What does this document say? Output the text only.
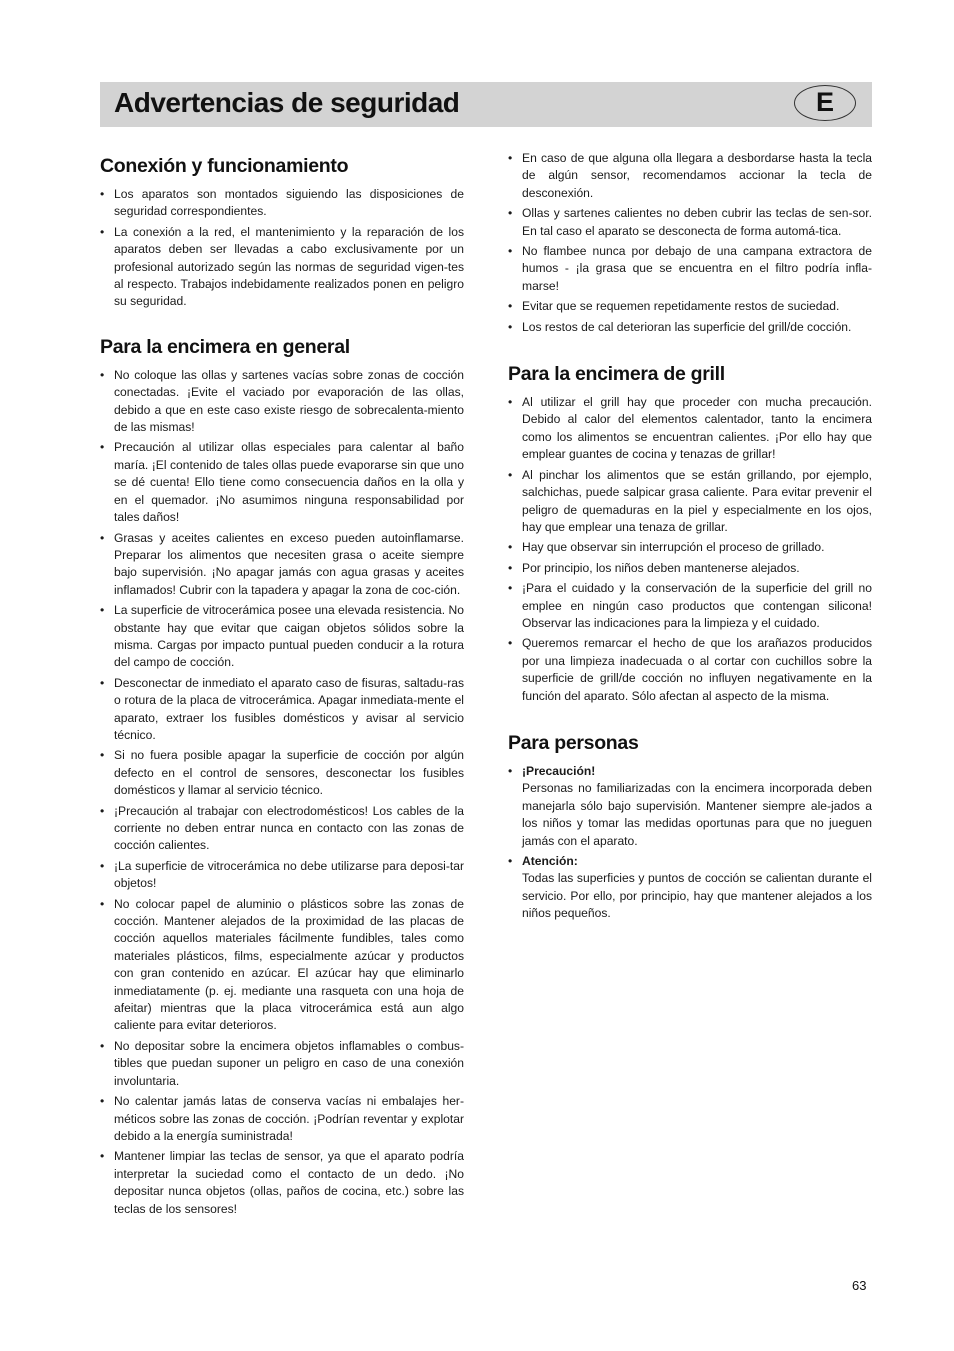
Advertencias de seguridad	E
Conexión y funcionamiento
• Los aparatos son montados siguiendo las disposiciones de seguridad correspondientes.
• La conexión a la red, el mantenimiento y la reparación de los aparatos deben ser llevadas a cabo exclusivamente por un profesional autorizado según las normas de seguridad vigen-tes al respecto. Trabajos indebidamente realizados ponen en peligro su seguridad.
Para la encimera en general
• No coloque las ollas y sartenes vacías sobre zonas de cocción conectadas. ¡Evite el vaciado por evaporación de las ollas, debido a que en este caso existe riesgo de sobrecalenta-miento de las mismas!
• Precaución al utilizar ollas especiales para calentar al baño maría. ¡El contenido de tales ollas puede evaporarse sin que uno se dé cuenta! Ello tiene como consecuencia daños en la olla y en el quemador. ¡No asumimos ninguna responsabilidad por tales daños!
• Grasas y aceites calientes en exceso pueden autoinflamarse. Preparar los alimentos que necesiten grasa o aceite siempre bajo supervisión. ¡No apagar jamás con agua grasas y aceites inflamados! Cubrir con la tapadera y apagar la zona de coc-ción.
• La superficie de vitrocerámica posee una elevada resistencia. No obstante hay que evitar que caigan objetos sólidos sobre la misma. Cargas por impacto puntual pueden conducir a la rotura del campo de cocción.
• Desconectar de inmediato el aparato caso de fisuras, saltadu-ras o rotura de la placa de vitrocerámica. Apagar inmediata-mente el aparato, extraer los fusibles domésticos y avisar al servicio técnico.
• Si no fuera posible apagar la superficie de cocción por algún defecto en el control de sensores, desconectar los fusibles domésticos y llamar al servicio técnico.
• ¡Precaución al trabajar con electrodomésticos! Los cables de la corriente no deben entrar nunca en contacto con las zonas de cocción calientes.
• ¡La superficie de vitrocerámica no debe utilizarse para deposi-tar objetos!
• No colocar papel de aluminio o plásticos sobre las zonas de cocción. Mantener alejados de la proximidad de las placas de cocción aquellos materiales fácilmente fundibles, tales como materiales plásticos, films, especialmente azúcar y productos con gran contenido en azúcar. El azúcar hay que eliminarlo inmediatamente (p. ej. mediante una rasqueta con una hoja de afeitar) mientras que la placa vitrocerámica está aun algo caliente para evitar deterioros.
• No depositar sobre la encimera objetos inflamables o combus-tibles que puedan suponer un peligro en caso de una conexión involuntaria.
• No calentar jamás latas de conserva vacías ni embalajes her-méticos sobre las zonas de cocción. ¡Podrían reventar y explotar debido a la energía suministrada!
• Mantener limpiar las teclas de sensor, ya que el aparato podría interpretar la suciedad como el contacto de un dedo. ¡No depositar nunca objetos (ollas, paños de cocina, etc.) sobre las teclas de los sensores!
• En caso de que alguna olla llegara a desbordarse hasta la tecla de algún sensor, recomendamos accionar la tecla de desconexión.
• Ollas y sartenes calientes no deben cubrir las teclas de sen-sor. En tal caso el aparato se desconecta de forma automá-tica.
• No flambee nunca por debajo de una campana extractora de humos - ¡la grasa que se encuentra en el filtro podría infla-marse!
• Evitar que se requemen repetidamente restos de suciedad.
• Los restos de cal deterioran las superficie del grill/de cocción.
Para la encimera de grill
• Al utilizar el grill hay que proceder con mucha precaución. Debido al calor del elementos calentador, tanto la encimera como los alimentos se encuentran calientes. ¡Por ello hay que emplear guantes de cocina y tenazas de grillar!
• Al pinchar los alimentos que se están grillando, por ejemplo, salchichas, puede salpicar grasa caliente. Para evitar prevenir el peligro de quemaduras en la piel y especialmente en los ojos, hay que emplear una tenaza de grillar.
• Hay que observar sin interrupción el proceso de grillado.
• Por principio, los niños deben mantenerse alejados.
• ¡Para el cuidado y la conservación de la superficie del grill no emplee en ningún caso productos que contengan silicona! Observar las indicaciones para la limpieza y el cuidado.
• Queremos remarcar el hecho de que los arañazos producidos por una limpieza inadecuada o al cortar con cuchillos sobre la superficie de grill/de cocción no influyen negativamente en la función del aparato. Sólo afectan al aspecto de la misma.
Para personas
• ¡Precaución!
Personas no familiarizadas con la encimera incorporada deben manejarla sólo bajo supervisión. Mantener siempre ale-jados a los niños y tomar las medidas oportunas para que no jueguen jamás con el aparato.
• Atención:
Todas las superficies y puntos de cocción se calientan durante el servicio. Por ello, por principio, hay que mantener alejados a los niños pequeños.
63
